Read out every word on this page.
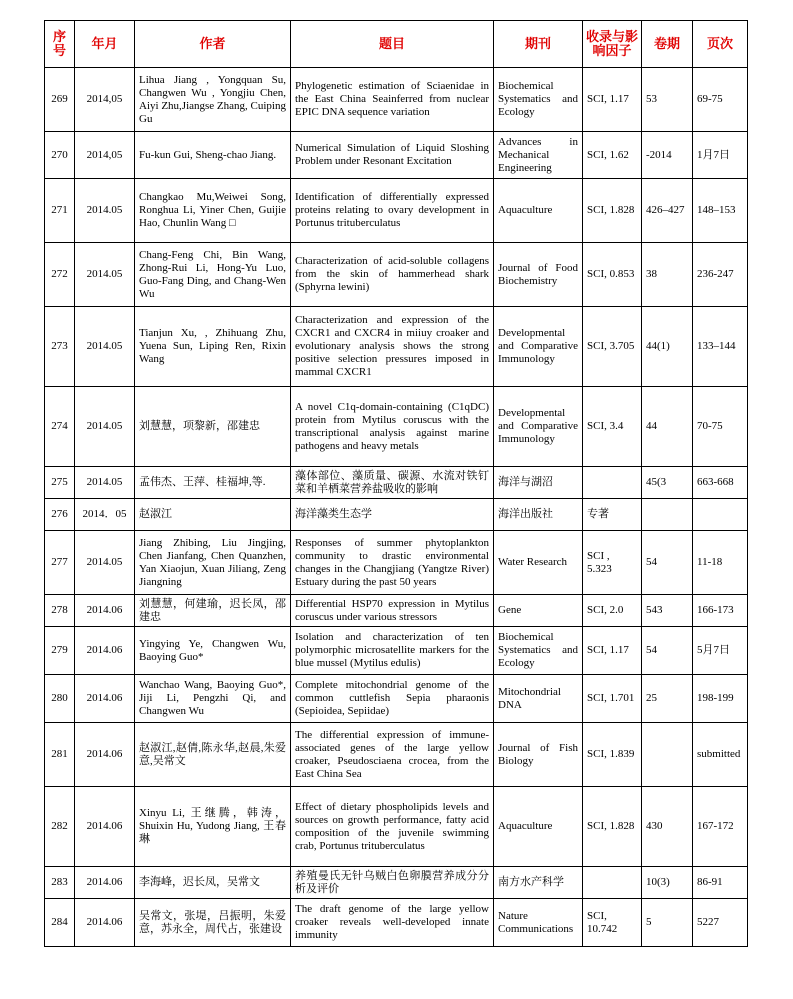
序号	年月	作者	题目	期刊	收录与影响因子	卷期	页次
269	2014,05	Lihua Jiang , Yongquan Su, Changwen Wu , Yongjiu Chen, Aiyi Zhu,Jiangse Zhang, Cuiping Gu	Phylogenetic estimation of Sciaenidae in the East China Seainferred from nuclear EPIC DNA sequence variation	Biochemical Systematics and Ecology	SCI, 1.17	53	69-75
270	2014,05	Fu-kun Gui, Sheng-chao Jiang.	Numerical Simulation of Liquid Sloshing Problem under Resonant Excitation	Advances in Mechanical Engineering	SCI, 1.62	-2014	1月7日
271	2014.05	Changkao Mu,Weiwei Song, Ronghua Li, Yiner Chen, Guijie Hao, Chunlin Wang □	Identification of differentially expressed proteins relating to ovary development in Portunus trituberculatus	Aquaculture	SCI, 1.828	426–427	148–153
272	2014.05	Chang-Feng Chi, Bin Wang, Zhong-Rui Li, Hong-Yu Luo, Guo-Fang Ding, and Chang-Wen Wu	Characterization of acid-soluble collagens from the skin of hammerhead shark (Sphyrna lewini)	Journal of Food Biochemistry	SCI, 0.853	38	236-247
273	2014.05	Tianjun Xu, , Zhihuang Zhu, Yuena Sun, Liping Ren, Rixin Wang	Characterization and expression of the CXCR1 and CXCR4 in miiuy croaker and evolutionary analysis shows the strong positive selection pressures imposed in mammal CXCR1	Developmental and Comparative Immunology	SCI, 3.705	44(1)	133–144
274	2014.05	刘慧慧，项黎新，邵建忠	A novel C1q-domain-containing (C1qDC) protein from Mytilus coruscus with the transcriptional analysis against marine pathogens and heavy metals	Developmental and Comparative Immunology	SCI, 3.4	44	70-75
275	2014.05	孟伟杰、王萍、桂福坤,等.	藻体部位、藻质量、碳源、水流对铁钉菜和羊栖菜营养盐吸收的影响	海洋与湖沼		45(3	663-668
276	2014．05	赵淑江	海洋藻类生态学	海洋出版社	专著		
277	2014.05	Jiang Zhibing, Liu Jingjing, Chen Jianfang, Chen Quanzhen, Yan Xiaojun, Xuan Jiliang, Zeng Jiangning	Responses of summer phytoplankton community to drastic environmental changes in the Changjiang (Yangtze River) Estuary during the past 50 years	Water Research	SCI , 5.323	54	11-18
278	2014.06	刘慧慧，何建瑜，迟长凤，邵建忠	Differential HSP70 expression in Mytilus coruscus under various stressors	Gene	SCI, 2.0	543	166-173
279	2014.06	Yingying Ye, Changwen Wu, Baoying Guo*	Isolation and characterization of ten polymorphic microsatellite markers for the blue mussel (Mytilus edulis)	Biochemical Systematics and Ecology	SCI, 1.17	54	5月7日
280	2014.06	Wanchao Wang, Baoying Guo*, Jiji Li, Pengzhi Qi, and Changwen Wu	Complete mitochondrial genome of the common cuttlefish Sepia pharaonis (Sepioidea, Sepiidae)	Mitochondrial DNA	SCI, 1.701	25	198-199
281	2014.06	赵淑江,赵倩,陈永华,赵晨,朱爱意,吴常文	The differential expression of immune-associated genes of the large yellow croaker, Pseudosciaena crocea, from the East China Sea	Journal of Fish Biology	SCI, 1.839		submitted
282	2014.06	Xinyu Li, 王继腾，韩涛，Shuixin Hu, Yudong Jiang, 王春琳	Effect of dietary phospholipids levels and sources on growth performance, fatty acid composition of the juvenile swimming crab, Portunus trituberculatus	Aquaculture	SCI, 1.828	430	167-172
283	2014.06	李海峰，迟长凤，吴常文	养殖曼氏无针乌贼白色卵膜营养成分分析及评价	南方水产科学		10(3)	86-91
284	2014.06	吴常文，张堤，吕振明，朱爱意，苏永全，周代占，张建设	The draft genome of the large yellow croaker reveals well-developed innate immunity	Nature Communications	SCI, 10.742	5	5227
